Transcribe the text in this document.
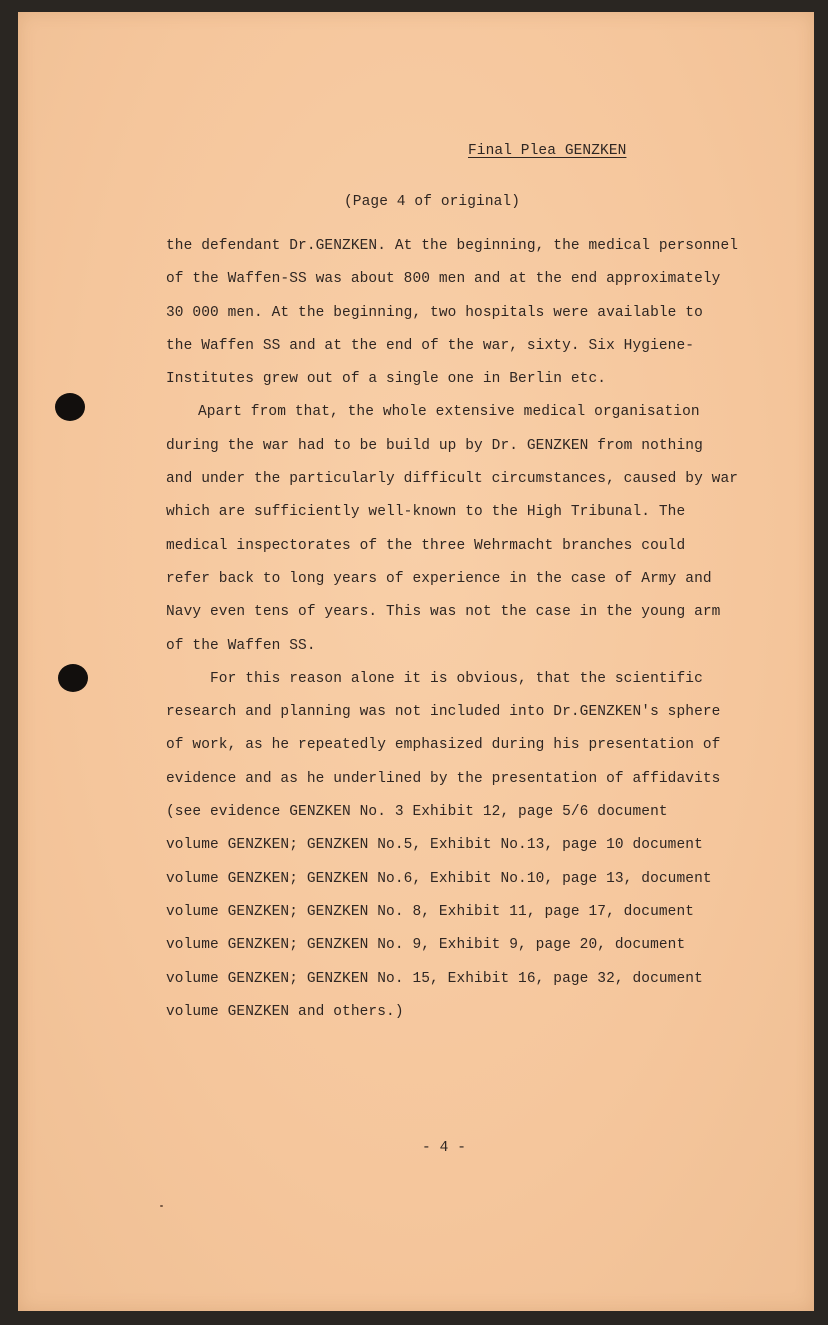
Final Plea GENZKEN
(Page 4 of original)
the defendant Dr.GENZKEN. At the beginning, the medical personnel
of the Waffen-SS was about 800 men and at the end approximately
30 000 men. At the beginning, two hospitals were available to
the Waffen SS and at the end of the war, sixty. Six Hygiene-
Institutes grew out of a single one in Berlin etc.
Apart from that, the whole extensive medical organisation
during the war had to be build up by Dr. GENZKEN from nothing
and under the particularly difficult circumstances, caused by war
which are sufficiently well-known to the High Tribunal. The
medical inspectorates of the three Wehrmacht branches could
refer back to long years of experience in the case of Army and
Navy even tens of years. This was not the case in the young arm
of the Waffen SS.
For this reason alone it is obvious, that the scientific
research and planning was not included into Dr.GENZKEN's sphere
of work, as he repeatedly emphasized during his presentation of
evidence and as he underlined by the presentation of affidavits
(see evidence GENZKEN No. 3 Exhibit 12, page 5/6 document
volume GENZKEN; GENZKEN No.5, Exhibit No.13, page 10 document
volume GENZKEN; GENZKEN No.6, Exhibit No.10, page 13, document
volume GENZKEN; GENZKEN No. 8, Exhibit 11, page 17, document
volume GENZKEN; GENZKEN No. 9, Exhibit 9, page 20, document
volume GENZKEN; GENZKEN No. 15, Exhibit 16, page 32, document
volume GENZKEN and others.)
- 4 -
